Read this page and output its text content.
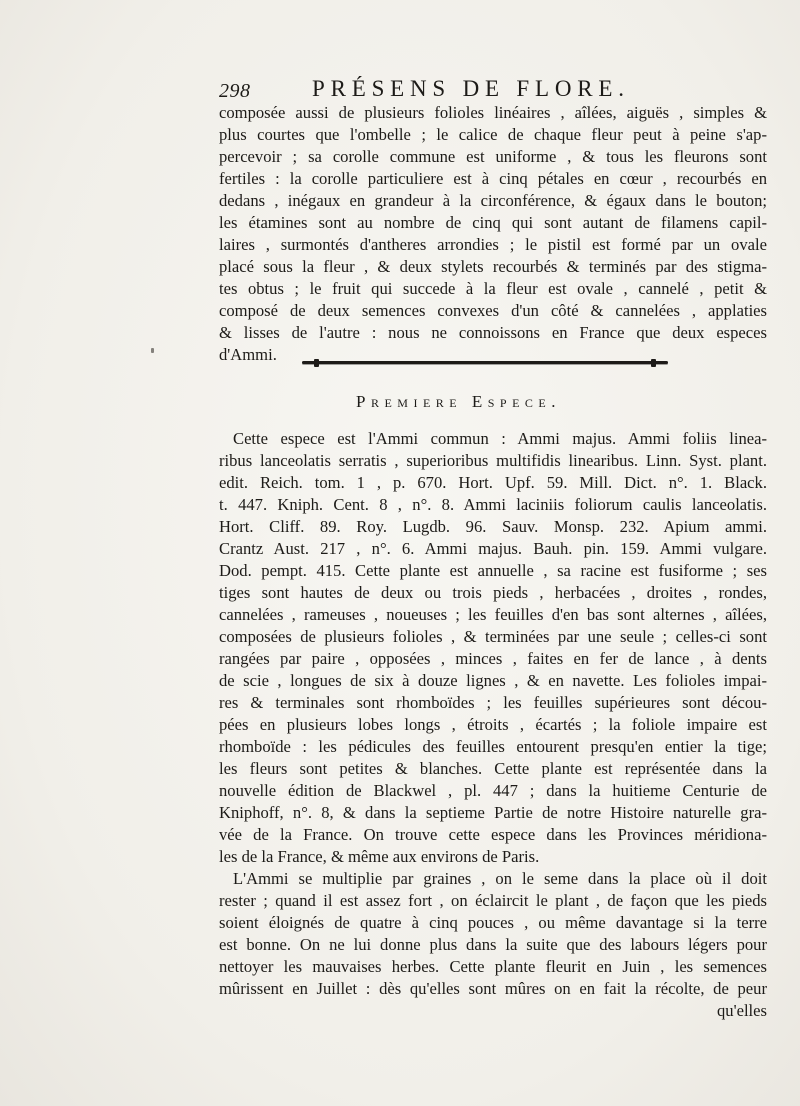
298	PRÉSENS DE FLORE.
composée aussi de plusieurs folioles linéaires , aîlées, aiguës , simples &
plus courtes que l'ombelle ; le calice de chaque fleur peut à peine s'ap-
percevoir ; sa corolle commune est uniforme , & tous les fleurons sont
fertiles : la corolle particuliere est à cinq pétales en cœur , recourbés en
dedans , inégaux en grandeur à la circonférence, & égaux dans le bouton;
les étamines sont au nombre de cinq qui sont autant de filamens capil-
laires , surmontés d'antheres arrondies ; le pistil est formé par un ovale
placé sous la fleur , & deux stylets recourbés & terminés par des stigma-
tes obtus ; le fruit qui succede à la fleur est ovale , cannelé , petit &
composé de deux semences convexes d'un côté & cannelées , applaties
& lisses de l'autre : nous ne connoissons en France que deux especes
d'Ammi.
Premiere Espece.
Cette espece est l'Ammi commun : Ammi majus. Ammi foliis linea-
ribus lanceolatis serratis , superioribus multifidis linearibus. Linn. Syst. plant.
edit. Reich. tom. 1 , p. 670. Hort. Upf. 59. Mill. Dict. n°. 1. Black.
t. 447. Kniph. Cent. 8 , n°. 8. Ammi laciniis foliorum caulis lanceolatis.
Hort. Cliff. 89. Roy. Lugdb. 96. Sauv. Monsp. 232. Apium ammi.
Crantz Aust. 217 , n°. 6. Ammi majus. Bauh. pin. 159. Ammi vulgare.
Dod. pempt. 415. Cette plante est annuelle , sa racine est fusiforme ; ses
tiges sont hautes de deux ou trois pieds , herbacées , droites , rondes,
cannelées , rameuses , noueuses ; les feuilles d'en bas sont alternes , aîlées,
composées de plusieurs folioles , & terminées par une seule ; celles-ci sont
rangées par paire , opposées , minces , faites en fer de lance , à dents
de scie , longues de six à douze lignes , & en navette. Les folioles impai-
res & terminales sont rhomboïdes ; les feuilles supérieures sont décou-
pées en plusieurs lobes longs , étroits , écartés ; la foliole impaire est
rhomboïde : les pédicules des feuilles entourent presqu'en entier la tige;
les fleurs sont petites & blanches. Cette plante est représentée dans la
nouvelle édition de Blackwel , pl. 447 ; dans la huitieme Centurie de
Kniphoff, n°. 8, & dans la septieme Partie de notre Histoire naturelle gra-
vée de la France. On trouve cette espece dans les Provinces méridiona-
les de la France, & même aux environs de Paris.
L'Ammi se multiplie par graines , on le seme dans la place où il doit
rester ; quand il est assez fort , on éclaircit le plant , de façon que les pieds
soient éloignés de quatre à cinq pouces , ou même davantage si la terre
est bonne. On ne lui donne plus dans la suite que des labours légers pour
nettoyer les mauvaises herbes. Cette plante fleurit en Juin , les semences
mûrissent en Juillet : dès qu'elles sont mûres on en fait la récolte, de peur
qu'elles
